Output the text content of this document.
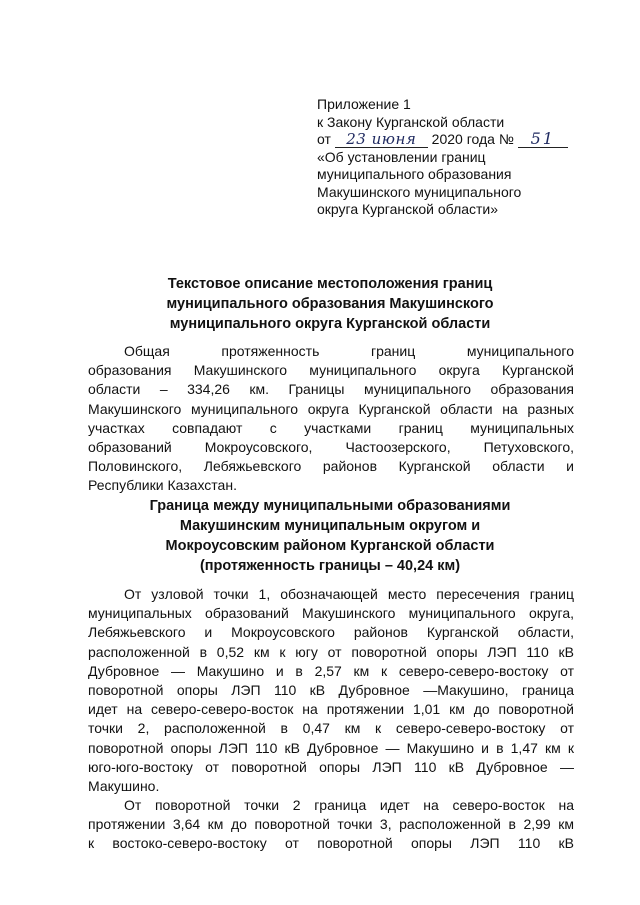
Приложение 1
к Закону Курганской области
от 23 июня 2020 года № 51
«Об установлении границ
муниципального образования
Макушинского муниципального
округа Курганской области»
Текстовое описание местоположения границ
муниципального образования Макушинского
муниципального округа Курганской области
Общая протяженность границ муниципального
образования Макушинского муниципального округа Курганской
области – 334,26 км. Границы муниципального образования
Макушинского муниципального округа Курганской области на разных
участках совпадают с участками границ муниципальных
образований Мокроусовского, Частоозерского, Петуховского,
Половинского, Лебяжьевского районов Курганской области и
Республики Казахстан.
Граница между муниципальными образованиями
Макушинским муниципальным округом и
Мокроусовским районом Курганской области
(протяженность границы – 40,24 км)
От узловой точки 1, обозначающей место пересечения границ
муниципальных образований Макушинского муниципального округа,
Лебяжьевского и Мокроусовского районов Курганской области,
расположенной в 0,52 км к югу от поворотной опоры ЛЭП 110 кВ
Дубровное — Макушино и в 2,57 км к северо-северо-востоку от
поворотной опоры ЛЭП 110 кВ Дубровное —Макушино, граница
идет на северо-северо-восток на протяжении 1,01 км до поворотной
точки 2, расположенной в 0,47 км к северо-северо-востоку от
поворотной опоры ЛЭП 110 кВ Дубровное — Макушино и в 1,47 км к
юго-юго-востоку от поворотной опоры ЛЭП 110 кВ Дубровное —
Макушино.
От поворотной точки 2 граница идет на северо-восток на
протяжении 3,64 км до поворотной точки 3, расположенной в 2,99 км
к востоко-северо-востоку от поворотной опоры ЛЭП 110 кВ
